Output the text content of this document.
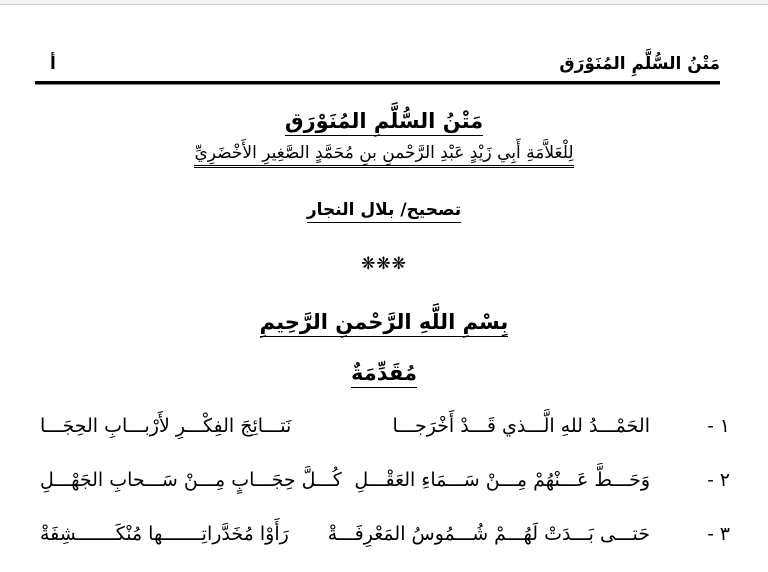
مَتْنُ السُّلَّمِ المُنَوْرَق
أ
مَتْنُ السُّلَّمِ المُنَوْرَق
لِلْعَلاَّمَةِ أَبِي زَيْدٍ عَبْدِ الرَّحْمنِ بنِ مُحَمَّدٍ الصَّغِيرِ الأَخْضَرِيِّ
تصحيح/ بلال النجار
❋❋❋
بِسْمِ اللَّهِ الرَّحْمنِ الرَّحِيمِ
مُقَدِّمَةٌ
١ -
الحَمْـــدُ للهِ الَّـــذي قَـــدْ أَخْرَجـــا
نَتـــائِجَ الفِكْـــرِ لأَرْبـــابِ الحِجَـــا
٢ -
وَحَـــطَّ عَـــنْهُمْ مِـــنْ سَـــمَاءِ العَقْـــلِ
كُـــلَّ حِجَـــابٍ مِـــنْ سَـــحابِ الجَهْـــلِ
٣ -
حَتـــى بَـــدَتْ لَهُـــمْ شُـــمُوسُ المَعْرِفَـــةْ
رَأَوْا مُخَدَّراتِـــــــها مُنْكَـــــــشِفَةْ
